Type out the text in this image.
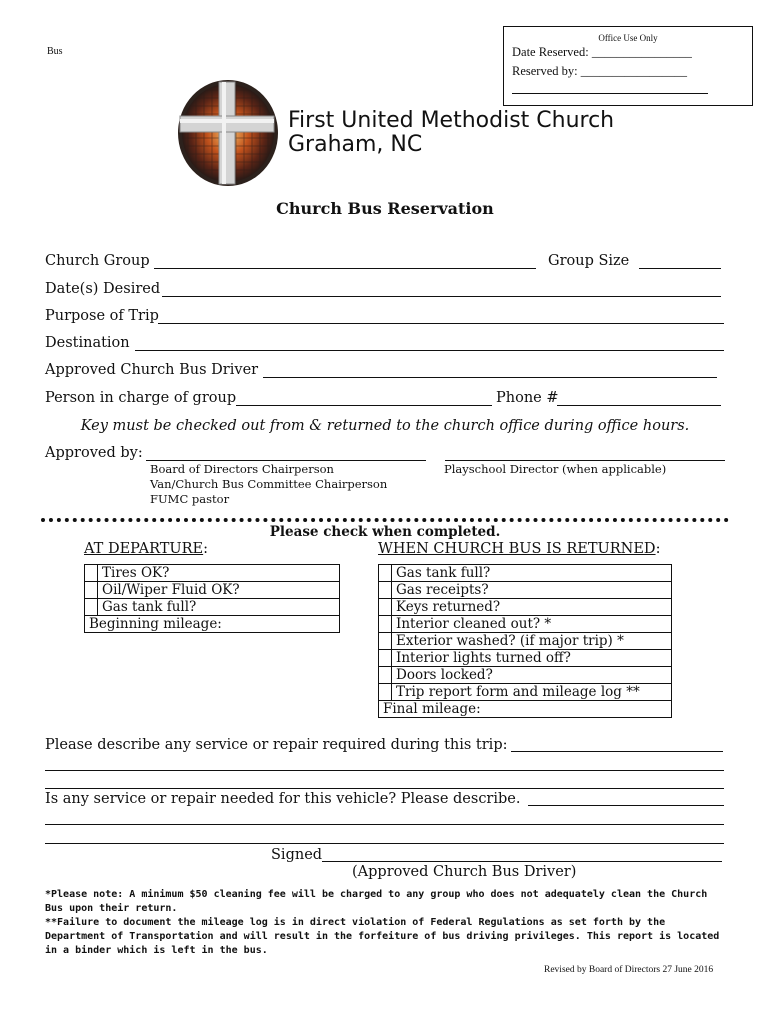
Bus
Office Use Only
Date Reserved: ________________
Reserved by: _________________
First United Methodist Church
Graham, NC
Church Bus Reservation
Church Group	Group Size
Date(s) Desired
Purpose of Trip
Destination
Approved Church Bus Driver
Person in charge of group	Phone #
Key must be checked out from & returned to the church office during office hours.
Approved by:
Board of Directors Chairperson
Van/Church Bus Committee Chairperson
FUMC pastor
Playschool Director (when applicable)
Please check when completed.
AT DEPARTURE:	WHEN CHURCH BUS IS RETURNED:
	Tires OK?
	Oil/Wiper Fluid OK?
	Gas tank full?
Beginning mileage:	
	Gas tank full?
	Gas receipts?
	Keys returned?
	Interior cleaned out? *
	Exterior washed? (if major trip) *
	Interior lights turned off?
	Doors locked?
	Trip report form and mileage log **
Final mileage:	
Please describe any service or repair required during this trip:
Is any service or repair needed for this vehicle? Please describe.
Signed
(Approved Church Bus Driver)
*Please note: A minimum $50 cleaning fee will be charged to any group who does not adequately clean the Church Bus upon their return.
**Failure to document the mileage log is in direct violation of Federal Regulations as set forth by the Department of Transportation and will result in the forfeiture of bus driving privileges. This report is located in a binder which is left in the bus.
Revised by Board of Directors 27 June 2016
